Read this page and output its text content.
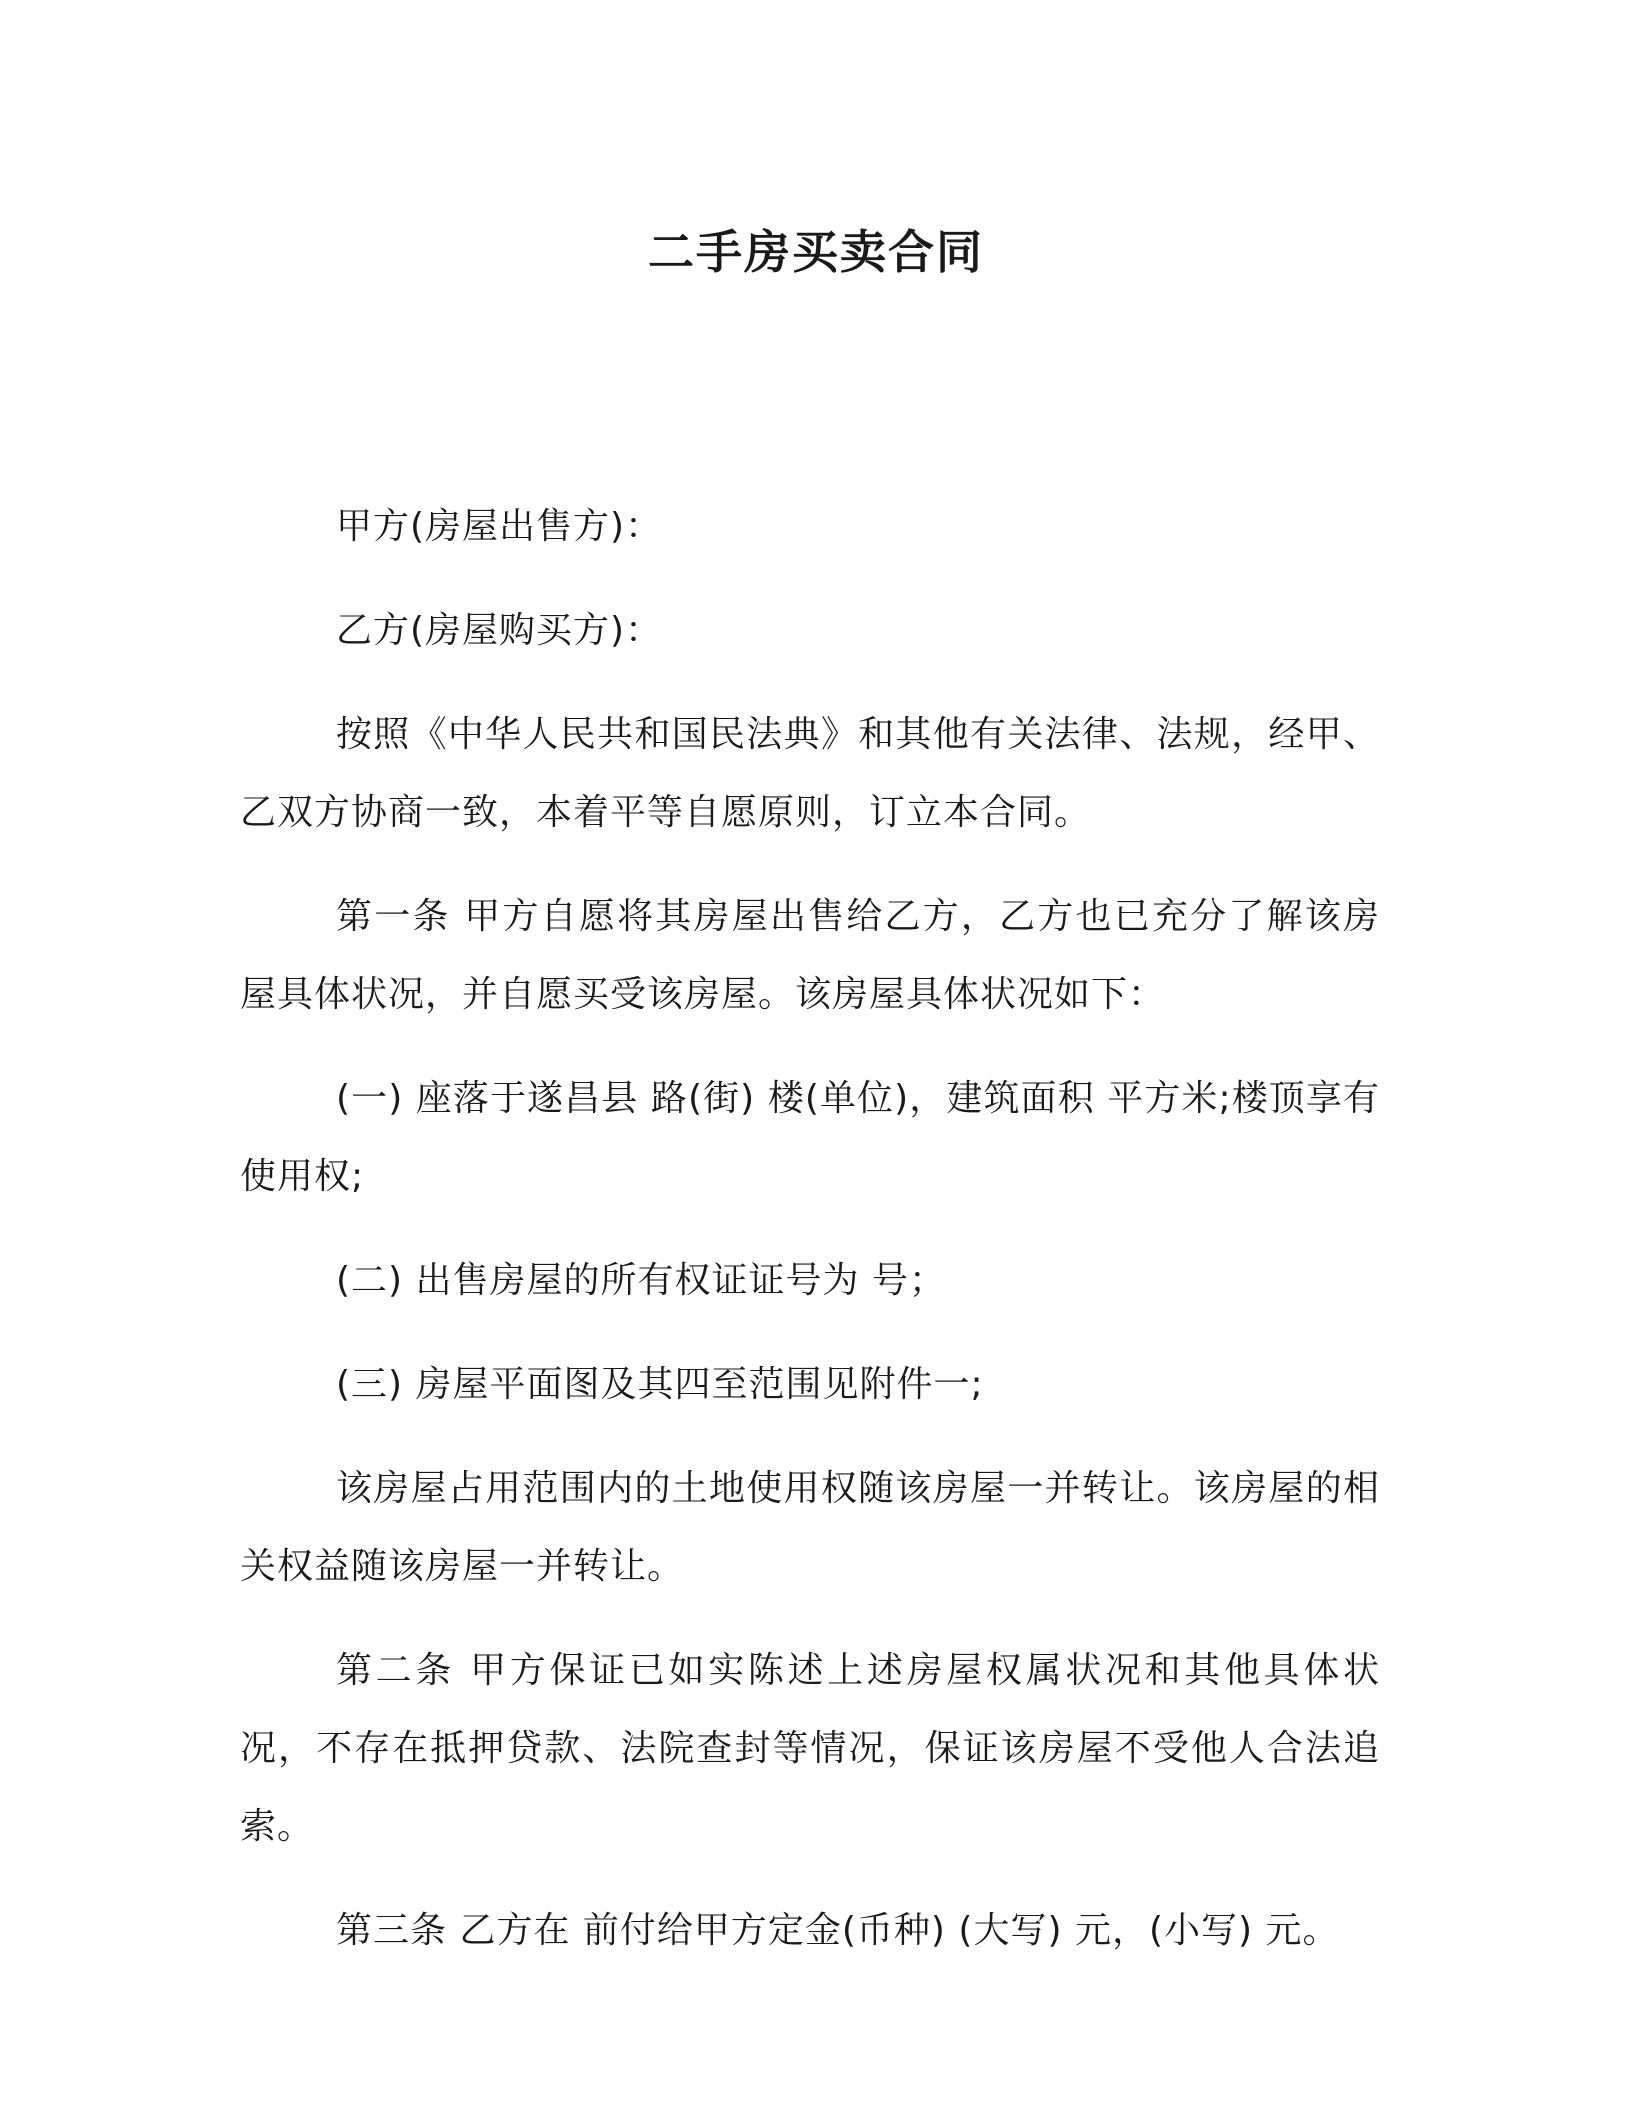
二手房买卖合同

甲方(房屋出售方)：

乙方(房屋购买方)：

按照《中华人民共和国民法典》和其他有关法律、法规，经甲、乙双方协商一致，本着平等自愿原则，订立本合同。

第一条 甲方自愿将其房屋出售给乙方，乙方也已充分了解该房屋具体状况，并自愿买受该房屋。该房屋具体状况如下：

(一) 座落于遂昌县 路(街) 楼(单位)，建筑面积 平方米;楼顶享有使用权;

(二) 出售房屋的所有权证证号为 号；

(三) 房屋平面图及其四至范围见附件一;

该房屋占用范围内的土地使用权随该房屋一并转让。该房屋的相关权益随该房屋一并转让。

第二条 甲方保证已如实陈述上述房屋权属状况和其他具体状况，不存在抵押贷款、法院查封等情况，保证该房屋不受他人合法追索。

第三条 乙方在 前付给甲方定金(币种) (大写) 元，(小写) 元。
